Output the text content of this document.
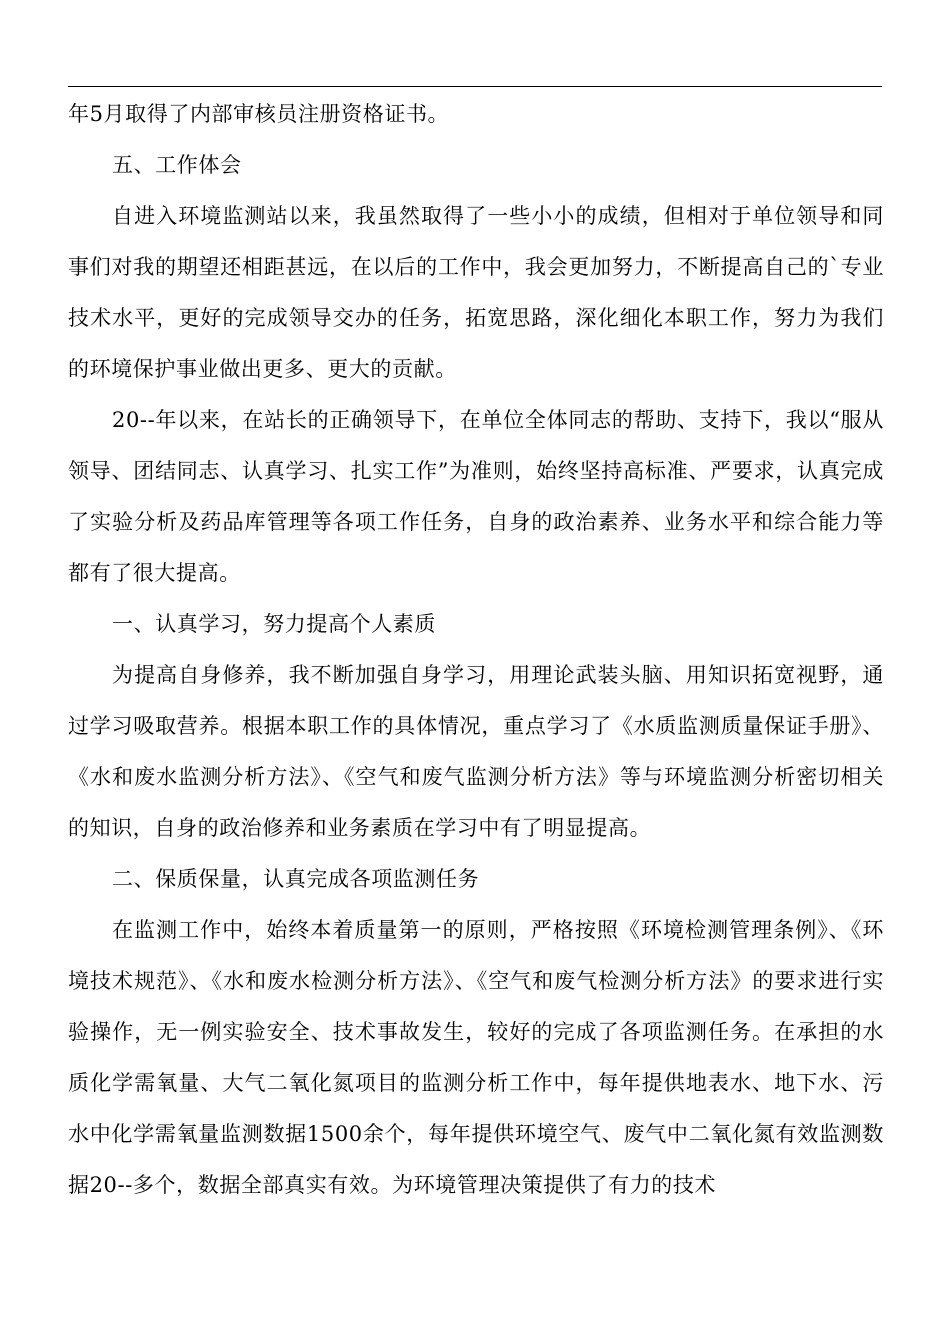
年5月取得了内部审核员注册资格证书。

五、工作体会

自进入环境监测站以来，我虽然取得了一些小小的成绩，但相对于单位领导和同事们对我的期望还相距甚远，在以后的工作中，我会更加努力，不断提高自己的`专业技术水平，更好的完成领导交办的任务，拓宽思路，深化细化本职工作，努力为我们的环境保护事业做出更多、更大的贡献。

20--年以来，在站长的正确领导下，在单位全体同志的帮助、支持下，我以“服从领导、团结同志、认真学习、扎实工作”为准则，始终坚持高标准、严要求，认真完成了实验分析及药品库管理等各项工作任务，自身的政治素养、业务水平和综合能力等都有了很大提高。

一、认真学习，努力提高个人素质

为提高自身修养，我不断加强自身学习，用理论武装头脑、用知识拓宽视野，通过学习吸取营养。根据本职工作的具体情况，重点学习了《水质监测质量保证手册》、《水和废水监测分析方法》、《空气和废气监测分析方法》等与环境监测分析密切相关的知识，自身的政治修养和业务素质在学习中有了明显提高。

二、保质保量，认真完成各项监测任务

在监测工作中，始终本着质量第一的原则，严格按照《环境检测管理条例》、《环境技术规范》、《水和废水检测分析方法》、《空气和废气检测分析方法》的要求进行实验操作，无一例实验安全、技术事故发生，较好的完成了各项监测任务。在承担的水质化学需氧量、大气二氧化氮项目的监测分析工作中，每年提供地表水、地下水、污水中化学需氧量监测数据1500余个，每年提供环境空气、废气中二氧化氮有效监测数据20--多个，数据全部真实有效。为环境管理决策提供了有力的技术
